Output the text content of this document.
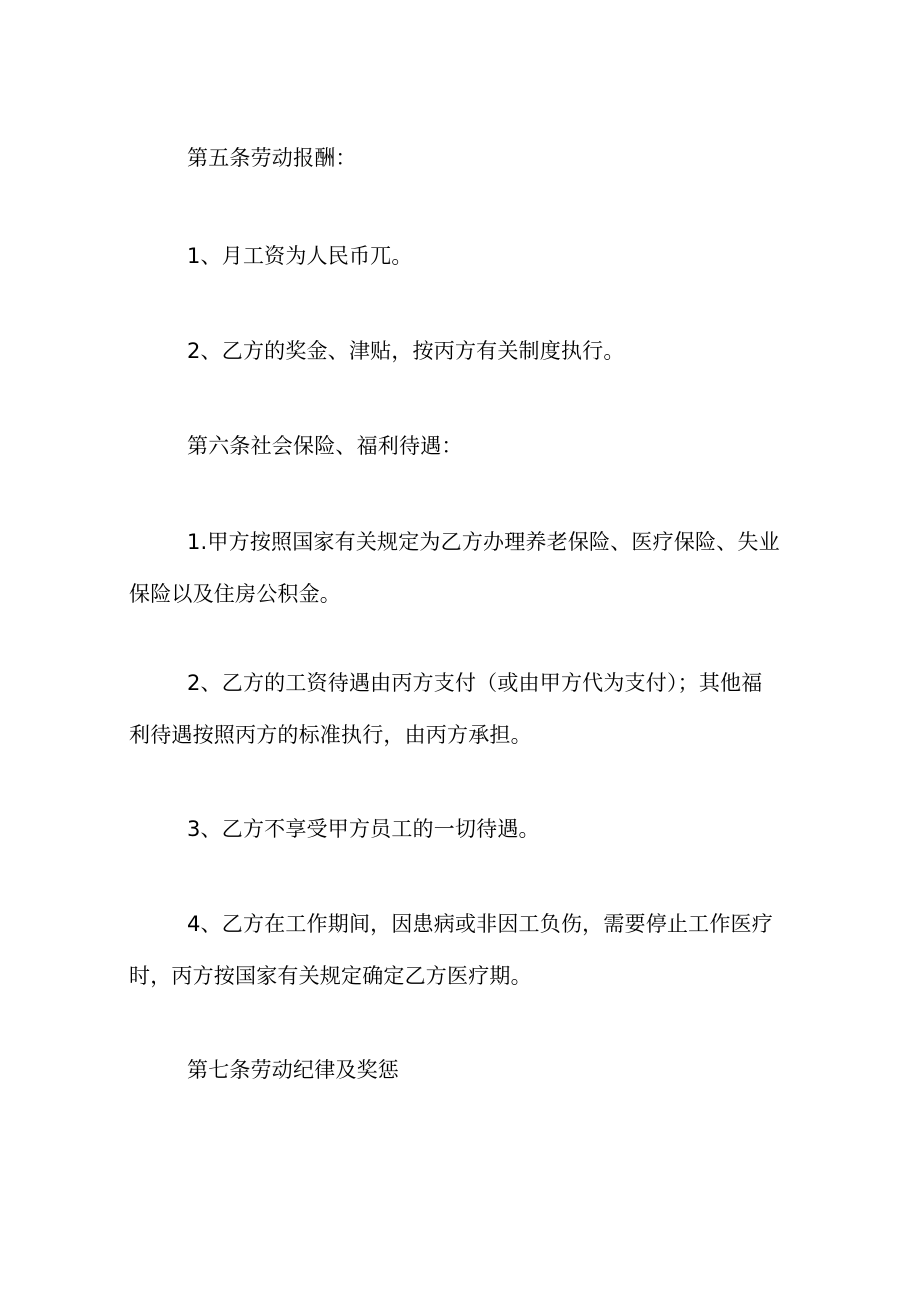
第五条劳动报酬：

1、月工资为人民币兀。

2、乙方的奖金、津贴，按丙方有关制度执行。

第六条社会保险、福利待遇：

1.甲方按照国家有关规定为乙方办理养老保险、医疗保险、失业
保险以及住房公积金。

2、乙方的工资待遇由丙方支付（或由甲方代为支付）；其他福
利待遇按照丙方的标准执行，由丙方承担。

3、乙方不享受甲方员工的一切待遇。

4、乙方在工作期间，因患病或非因工负伤，需要停止工作医疗
时，丙方按国家有关规定确定乙方医疗期。

第七条劳动纪律及奖惩
